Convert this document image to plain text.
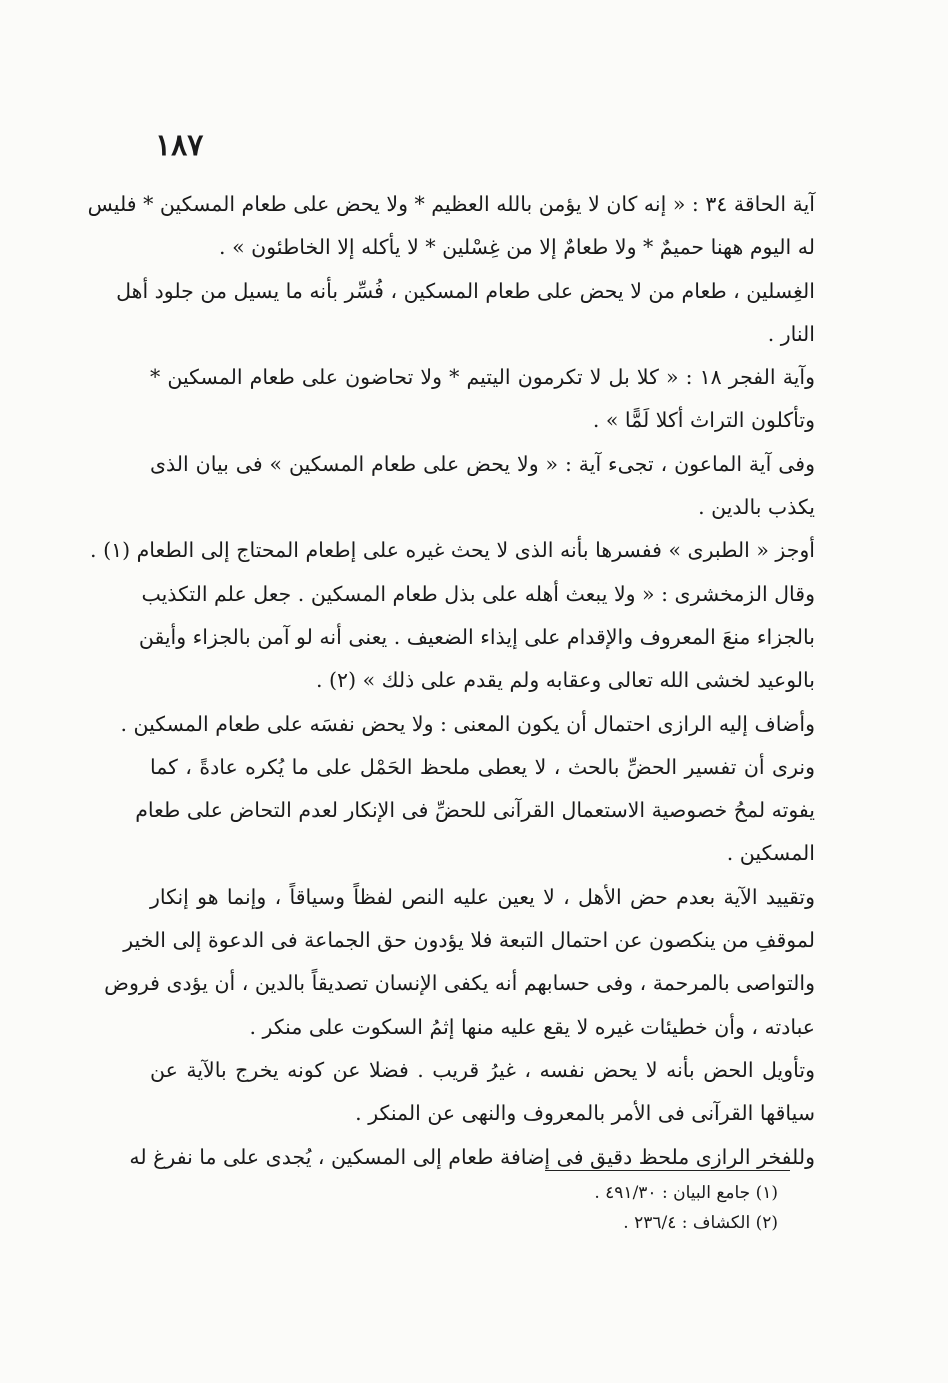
١٨٧
آية الحاقة ٣٤ : « إنه كان لا يؤمن بالله العظيم * ولا يحض على طعام المسكين * فليس
له اليوم ههنا حميمٌ * ولا طعامٌ إلا من غِسْلين * لا يأكله إلا الخاطئون » .
الغِسلين ، طعام من لا يحض على طعام المسكين ، فُسِّر بأنه ما يسيل من جلود أهل
النار .
وآية الفجر ١٨ : « كلا بل لا تكرمون اليتيم * ولا تحاضون على طعام المسكين *
وتأكلون التراث أكلا لَمًّا » .
وفى آية الماعون ، تجىء آية : « ولا يحض على طعام المسكين » فى بيان الذى
يكذب بالدين .
أوجز « الطبرى » ففسرها بأنه الذى لا يحث غيره على إطعام المحتاج إلى الطعام (١) .
وقال الزمخشرى : « ولا يبعث أهله على بذل طعام المسكين . جعل علم التكذيب
بالجزاء منعَ المعروف والإقدام على إيذاء الضعيف . يعنى أنه لو آمن بالجزاء وأيقن
بالوعيد لخشى الله تعالى وعقابه ولم يقدم على ذلك » (٢) .
وأضاف إليه الرازى احتمال أن يكون المعنى : ولا يحض نفسَه على طعام المسكين .
ونرى أن تفسير الحضِّ بالحث ، لا يعطى ملحظ الحَمْل على ما يُكره عادةً ، كما
يفوته لمحُ خصوصية الاستعمال القرآنى للحضِّ فى الإنكار لعدم التحاض على طعام
المسكين .
وتقييد الآية بعدم حض الأهل ، لا يعين عليه النص لفظاً وسياقاً ، وإنما هو إنكار
لموقفِ من ينكصون عن احتمال التبعة فلا يؤدون حق الجماعة فى الدعوة إلى الخير
والتواصى بالمرحمة ، وفى حسابهم أنه يكفى الإنسان تصديقاً بالدين ، أن يؤدى فروض
عبادته ، وأن خطيئات غيره لا يقع عليه منها إثمُ السكوت على منكر .
وتأويل الحض بأنه لا يحض نفسه ، غيرُ قريب . فضلا عن كونه يخرج بالآية عن
سياقها القرآنى فى الأمر بالمعروف والنهى عن المنكر .
وللفخر الرازى ملحظ دقيق فى إضافة طعام إلى المسكين ، يُجدى على ما نفرغ له
(١) جامع البيان : ٤٩١/٣٠ .
(٢) الكشاف : ٢٣٦/٤ .
